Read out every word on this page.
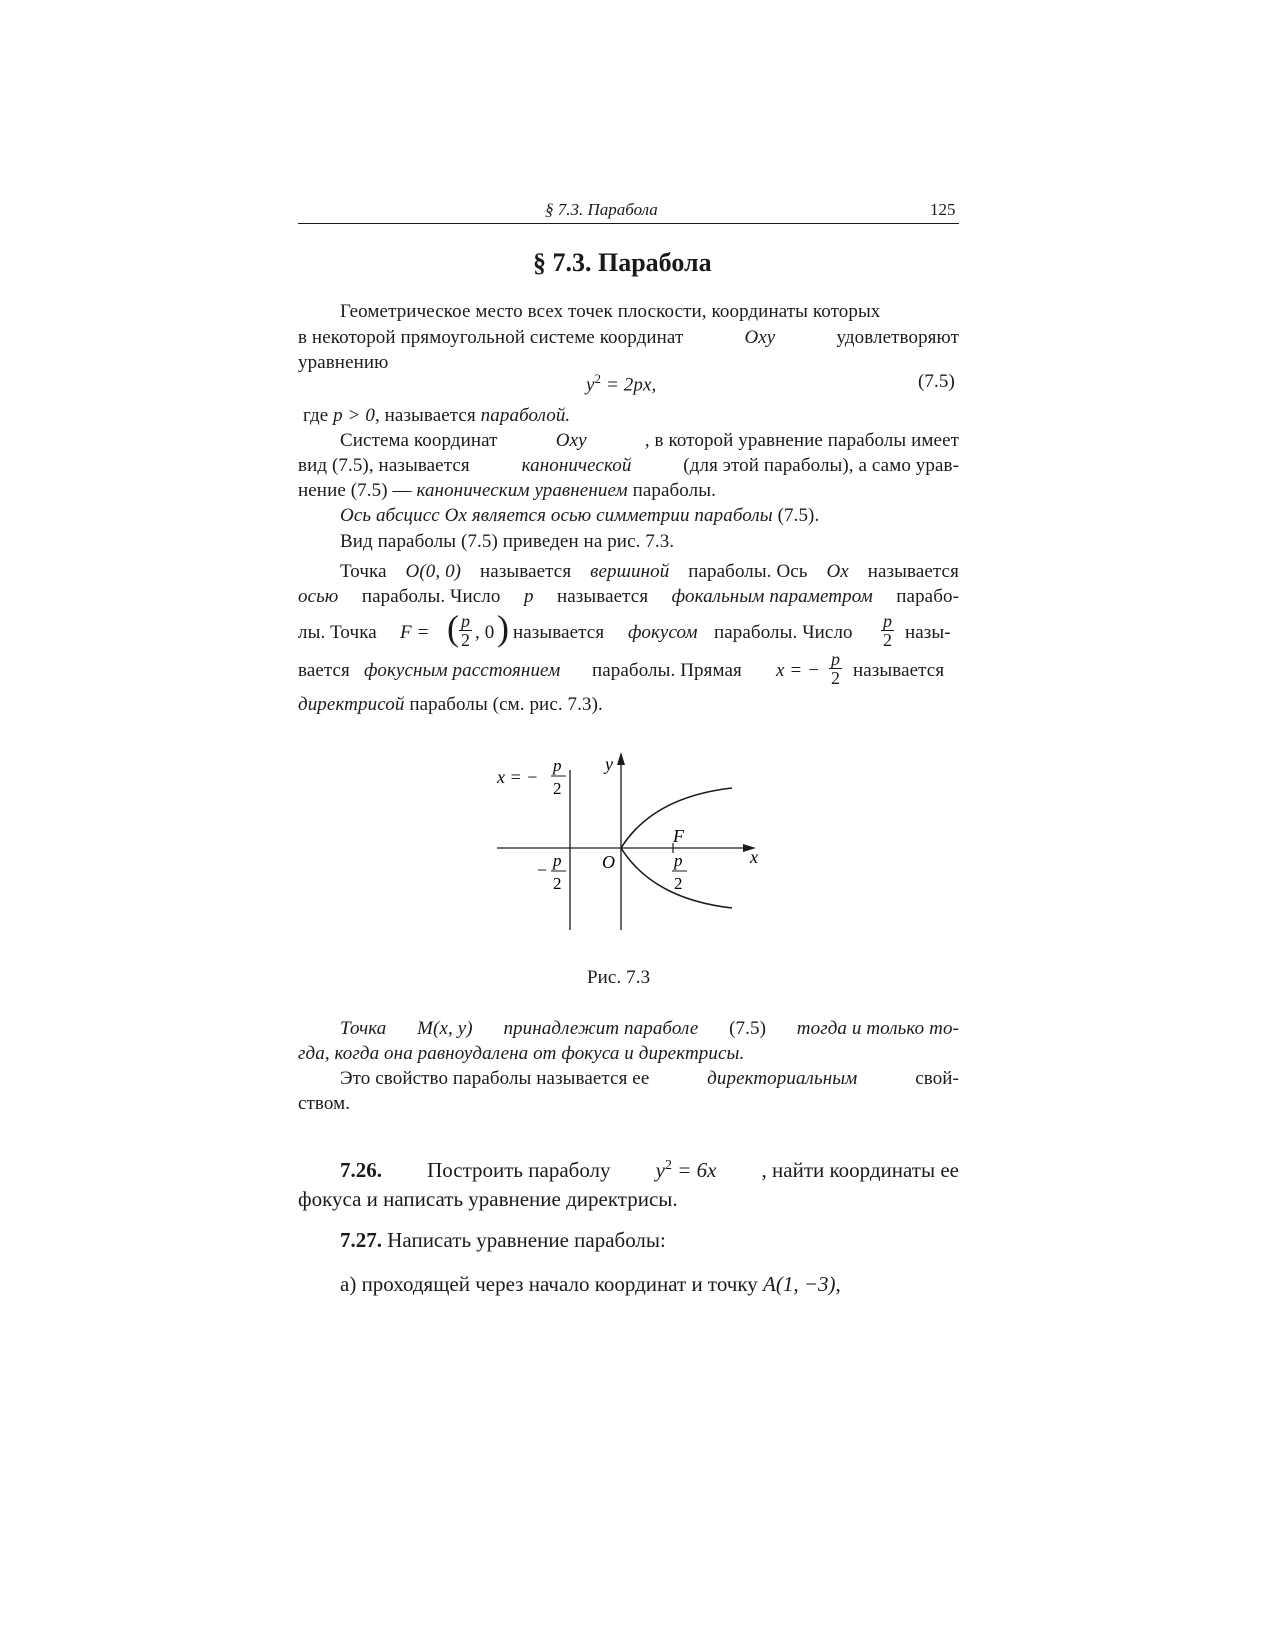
§ 7.3. Парабола	125
§ 7.3. Парабола
Геометрическое место всех точек плоскости, координаты которых
в некоторой прямоугольной системе координат	Oxy	удовлетворяют
уравнению
$y^2 = 2px$,	(7.5)
где p > 0, называется параболой.
Система координат	Oxy	, в которой уравнение параболы имеет
вид (7.5), называется	канонической	(для этой параболы), а само урав-
нение (7.5) — каноническим уравнением параболы.
Ось абсцисс Ox является осью симметрии параболы (7.5).
Вид параболы (7.5) приведен на рис. 7.3.
Точка O(0, 0) называется вершиной параболы. Ось Ox называется
осью параболы. Число p называется фокальным параметром парабо-
лы. Точка F = ( $\frac{p}{2}$ , 0 ) называется фокусом параболы. Число $\frac{p}{2}$ назы-
вается фокусным расстоянием параболы. Прямая x = − $\frac{p}{2}$ называется
директрисой параболы (см. рис. 7.3).
y
x
O
F
x = −
p
2
− p
2
p
2
Рис. 7.3
Точка M(x, y) принадлежит параболе (7.5) тогда и только то-
гда, когда она равноудалена от фокуса и директрисы.
Это свойство параболы называется ее	директориальным	свой-
ством.
7.26. Построить параболу $y^2 = 6x$ , найти координаты ее
фокуса и написать уравнение директрисы.
7.27. Написать уравнение параболы:
а) проходящей через начало координат и точку A(1, −3),
